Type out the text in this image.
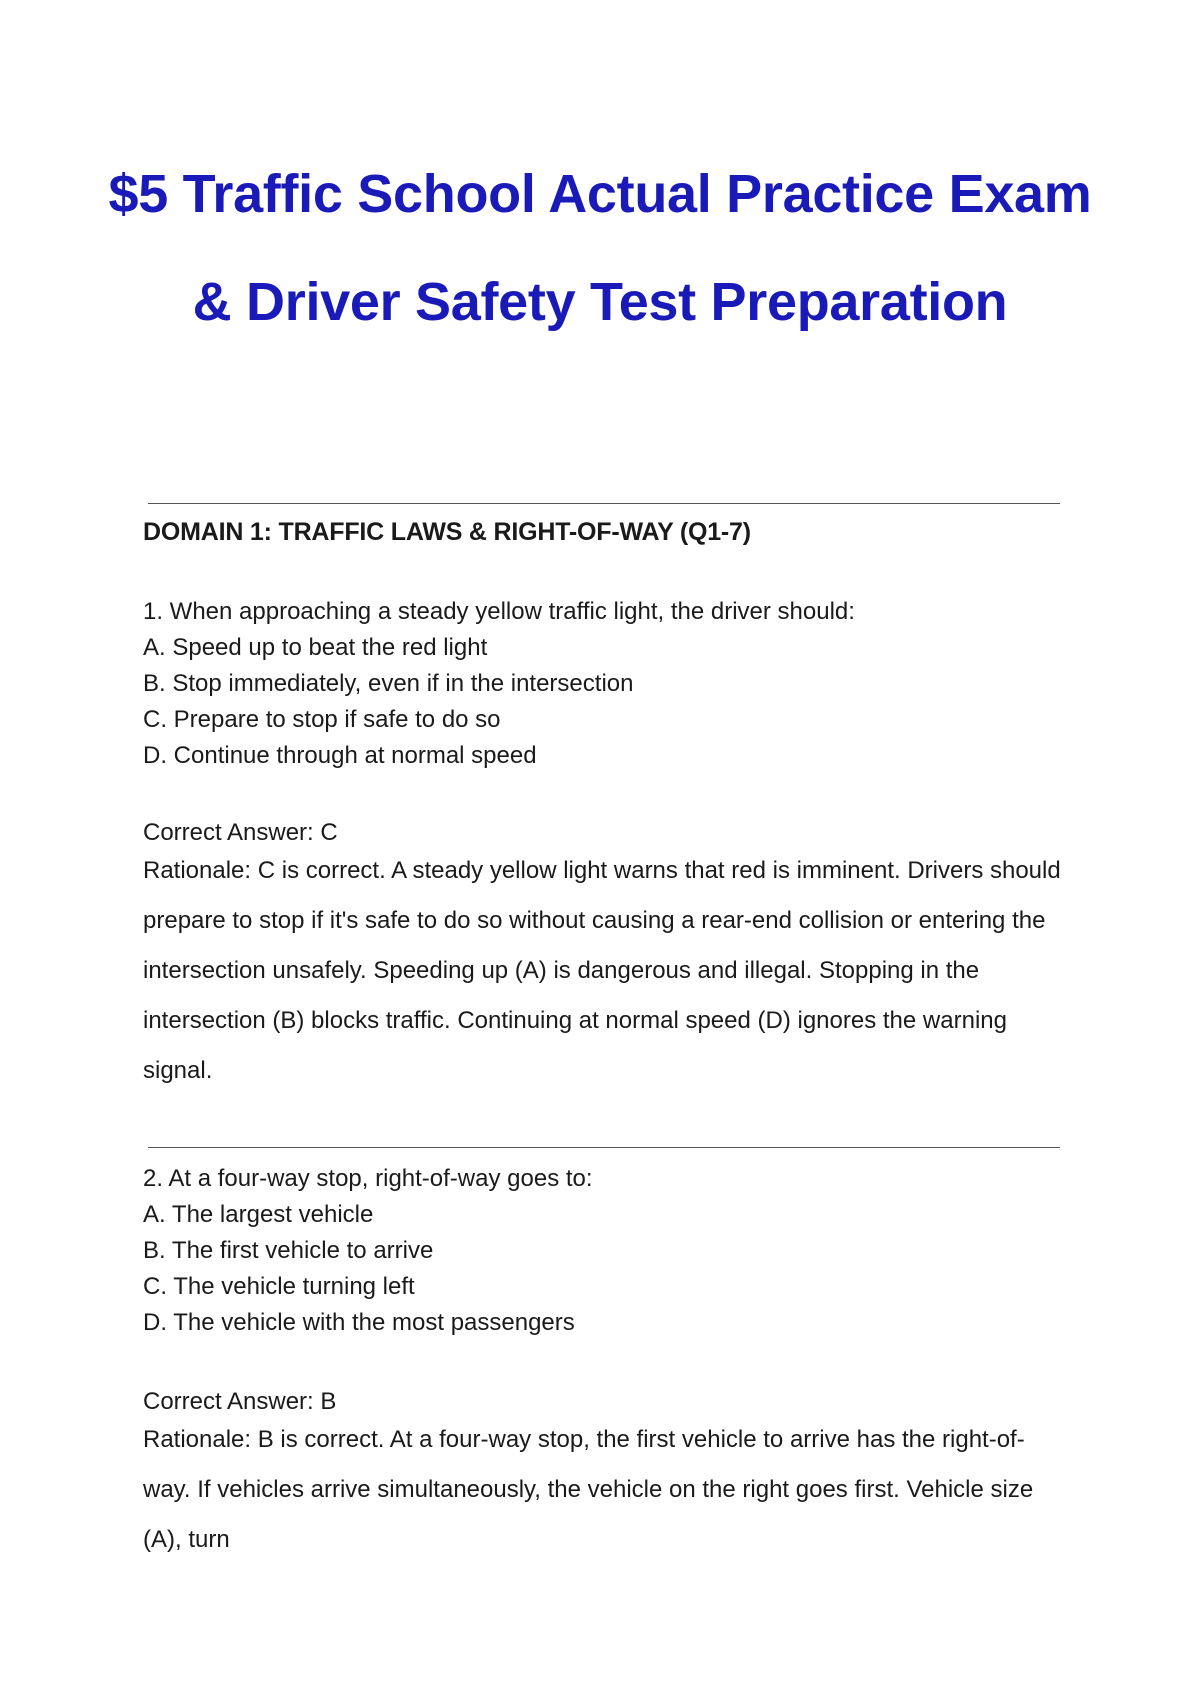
$5 Traffic School Actual Practice Exam
& Driver Safety Test Preparation
DOMAIN 1: TRAFFIC LAWS & RIGHT-OF-WAY (Q1-7)
1. When approaching a steady yellow traffic light, the driver should:
A. Speed up to beat the red light
B. Stop immediately, even if in the intersection
C. Prepare to stop if safe to do so
D. Continue through at normal speed
Correct Answer: C
Rationale: C is correct. A steady yellow light warns that red is imminent. Drivers should prepare to stop if it's safe to do so without causing a rear-end collision or entering the intersection unsafely. Speeding up (A) is dangerous and illegal. Stopping in the intersection (B) blocks traffic. Continuing at normal speed (D) ignores the warning signal.
2. At a four-way stop, right-of-way goes to:
A. The largest vehicle
B. The first vehicle to arrive
C. The vehicle turning left
D. The vehicle with the most passengers
Correct Answer: B
Rationale: B is correct. At a four-way stop, the first vehicle to arrive has the right-of-way. If vehicles arrive simultaneously, the vehicle on the right goes first. Vehicle size (A), turn
